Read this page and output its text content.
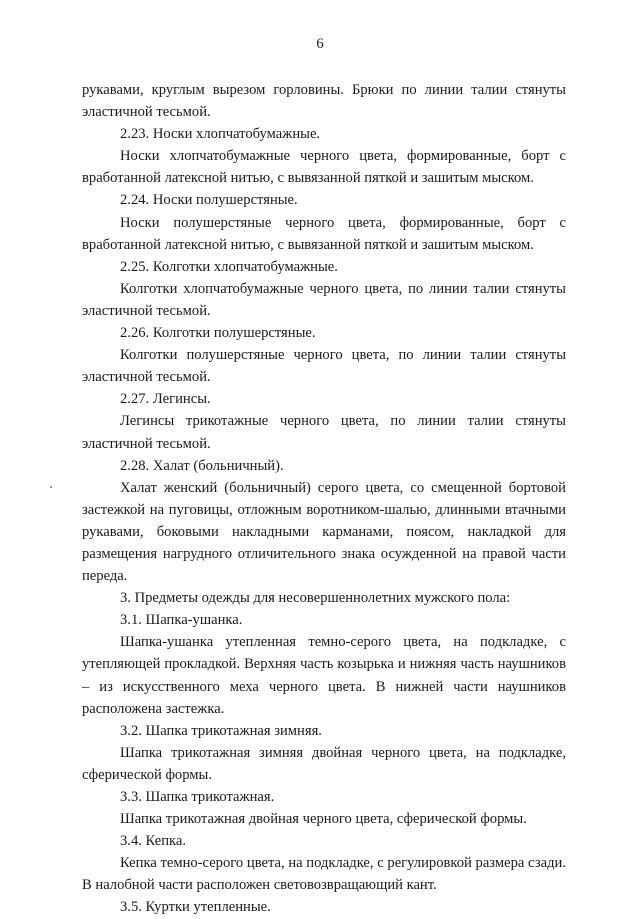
6

рукавами, круглым вырезом горловины. Брюки по линии талии стянуты эластичной тесьмой.

2.23. Носки хлопчатобумажные.

Носки хлопчатобумажные черного цвета, формированные, борт с вработанной латексной нитью, с вывязанной пяткой и зашитым мыском.

2.24. Носки полушерстяные.

Носки полушерстяные черного цвета, формированные, борт с вработанной латексной нитью, с вывязанной пяткой и зашитым мыском.

2.25. Колготки хлопчатобумажные.

Колготки хлопчатобумажные черного цвета, по линии талии стянуты эластичной тесьмой.

2.26. Колготки полушерстяные.

Колготки полушерстяные черного цвета, по линии талии стянуты эластичной тесьмой.

2.27. Легинсы.

Легинсы трикотажные черного цвета, по линии талии стянуты эластичной тесьмой.

2.28. Халат (больничный).

Халат женский (больничный) серого цвета, со смещенной бортовой застежкой на пуговицы, отложным воротником-шалью, длинными втачными рукавами, боковыми накладными карманами, поясом, накладкой для размещения нагрудного отличительного знака осужденной на правой части переда.

3. Предметы одежды для несовершеннолетних мужского пола:

3.1. Шапка-ушанка.

Шапка-ушанка утепленная темно-серого цвета, на подкладке, с утепляющей прокладкой. Верхняя часть козырька и нижняя часть наушников – из искусственного меха черного цвета. В нижней части наушников расположена застежка.

3.2. Шапка трикотажная зимняя.

Шапка трикотажная зимняя двойная черного цвета, на подкладке, сферической формы.

3.3. Шапка трикотажная.

Шапка трикотажная двойная черного цвета, сферической формы.

3.4. Кепка.

Кепка темно-серого цвета, на подкладке, с регулировкой размера сзади. В налобной части расположен световозвращающий кант.

3.5. Куртки утепленные.
